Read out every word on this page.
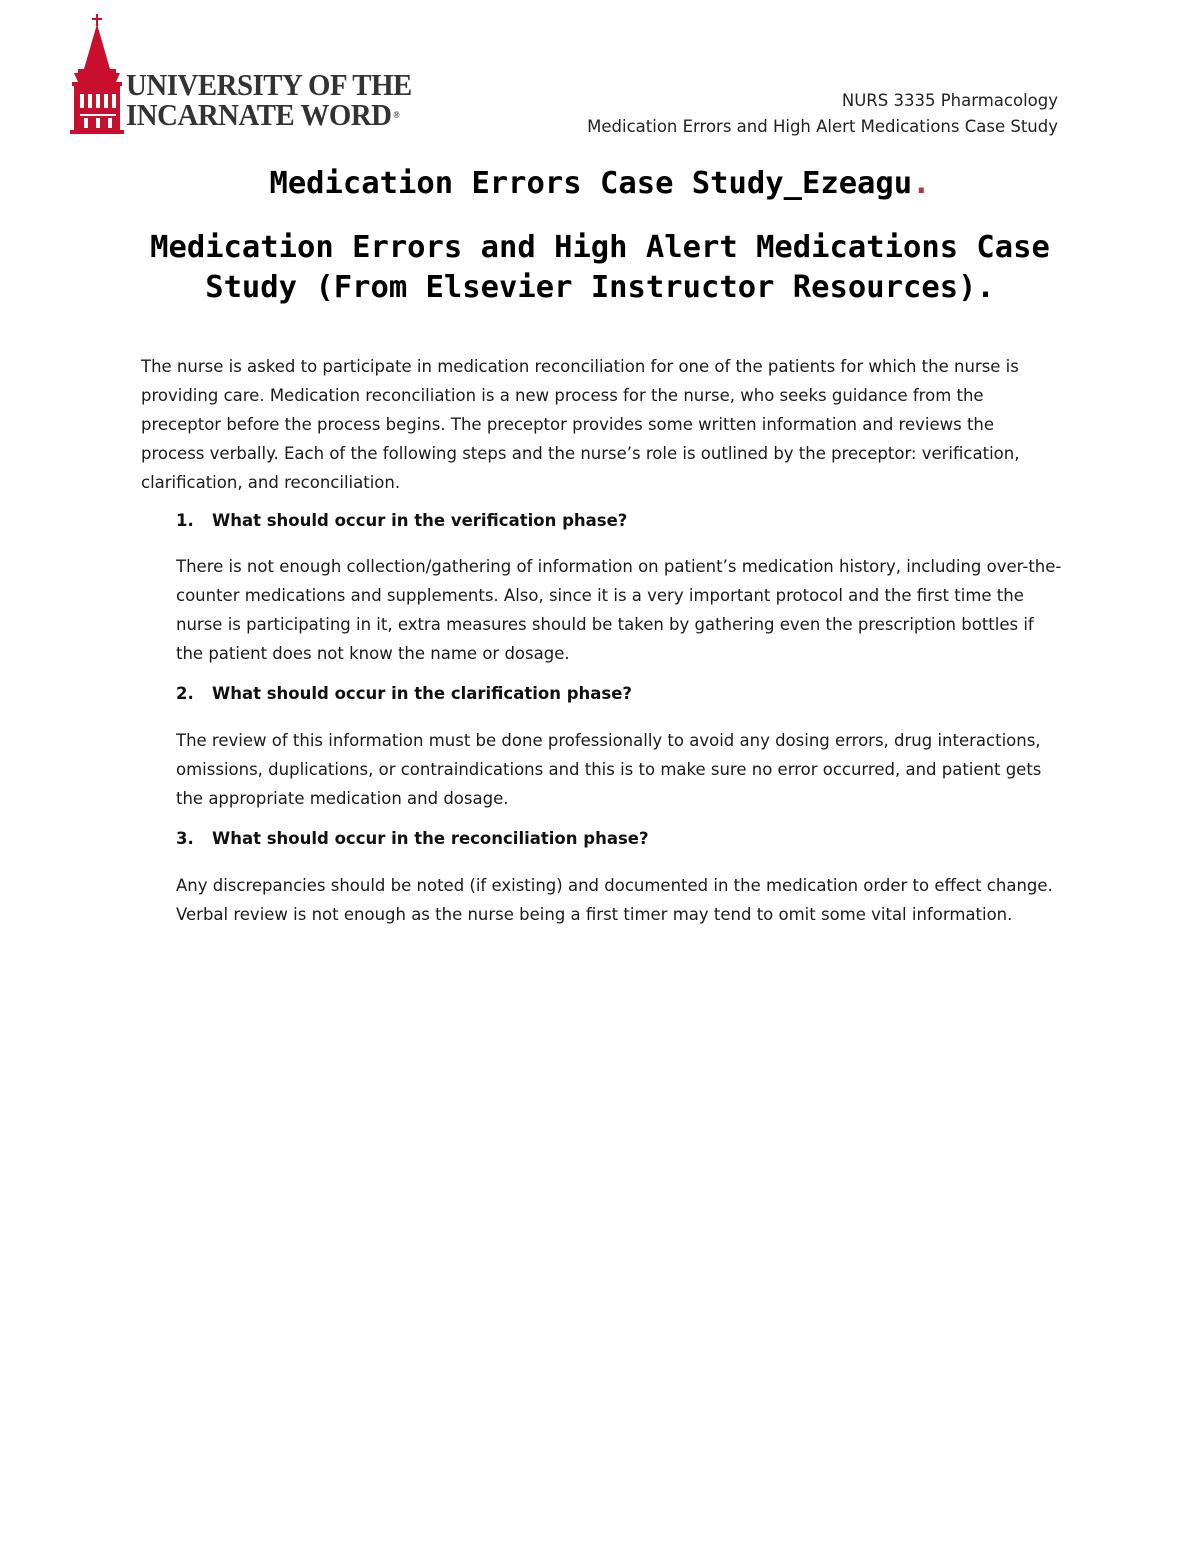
UNIVERSITY OF THE
INCARNATE WORD ®
NURS 3335 Pharmacology
Medication Errors and High Alert Medications Case Study
Medication Errors Case Study_Ezeagu.
Medication Errors and High Alert Medications Case Study (From Elsevier Instructor Resources).

The nurse is asked to participate in medication reconciliation for one of the patients for which the nurse is providing care. Medication reconciliation is a new process for the nurse, who seeks guidance from the preceptor before the process begins. The preceptor provides some written information and reviews the process verbally. Each of the following steps and the nurse’s role is outlined by the preceptor: verification, clarification, and reconciliation.

1. What should occur in the verification phase?

There is not enough collection/gathering of information on patient’s medication history, including over-the-counter medications and supplements. Also, since it is a very important protocol and the first time the nurse is participating in it, extra measures should be taken by gathering even the prescription bottles if the patient does not know the name or dosage.

2. What should occur in the clarification phase?

The review of this information must be done professionally to avoid any dosing errors, drug interactions, omissions, duplications, or contraindications and this is to make sure no error occurred, and patient gets the appropriate medication and dosage.

3. What should occur in the reconciliation phase?

Any discrepancies should be noted (if existing) and documented in the medication order to effect change. Verbal review is not enough as the nurse being a first timer may tend to omit some vital information.
